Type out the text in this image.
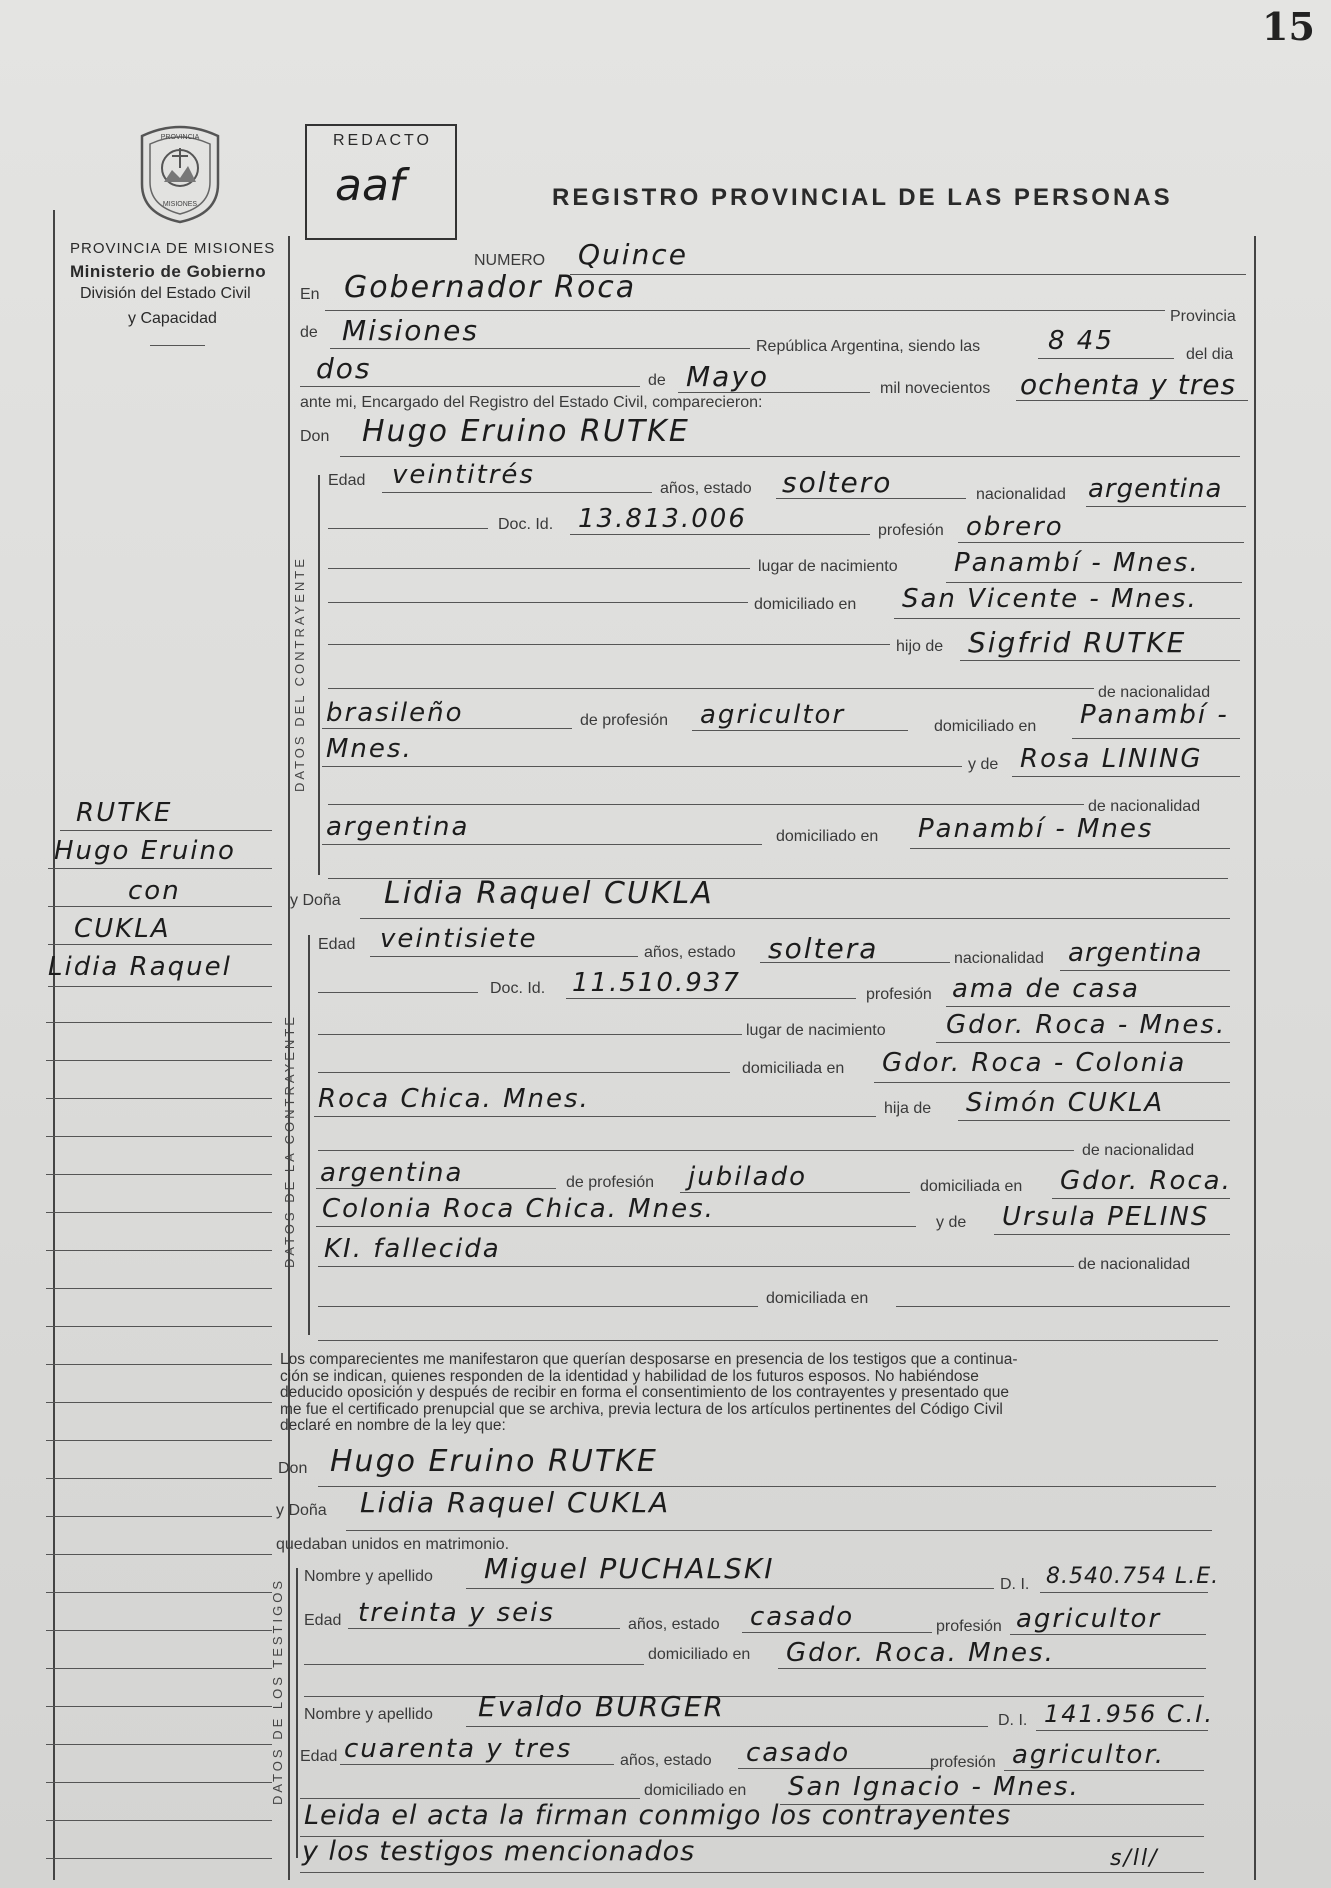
15
PROVINCIA
MISIONES
PROVINCIA DE MISIONES
Ministerio de Gobierno
División del Estado Civil
y Capacidad
REDACTO
aaf	REGISTRO PROVINCIAL DE LAS PERSONAS
DATOS DEL CONTRAYENTE
DATOS DE LA CONTRAYENTE
DATOS DE LOS TESTIGOS
RUTKE
Hugo Eruino
con
CUKLA
Lidia Raquel
NUMERO Quince
En Gobernador Roca
Provincia
de Misiones	República Argentina, siendo las	8 45	del dia
dos	de Mayo	mil novecientos ochenta y tres
ante mi, Encargado del Registro del Estado Civil, comparecieron:
Don Hugo Eruino RUTKE
Edad veintitrés	años, estado soltero	nacionalidad argentina
Doc. Id. 13.813.006	profesión obrero
lugar de nacimiento Panambí - Mnes.
domiciliado en San Vicente - Mnes.
hijo de Sigfrid RUTKE
de nacionalidad
brasileño	de profesión agricultor	domiciliado en Panambí -
Mnes.
y de Rosa LINING
de nacionalidad
argentina	domiciliado en Panambí - Mnes
y Doña Lidia Raquel CUKLA
Edad veintisiete	años, estado soltera	nacionalidad argentina
Doc. Id. 11.510.937	profesión ama de casa
lugar de nacimiento Gdor. Roca - Mnes.
domiciliada en Gdor. Roca - Colonia
Roca Chica. Mnes.	hija de Simón CUKLA
de nacionalidad
argentina	de profesión jubilado	domiciliada en Gdor. Roca.
Colonia Roca Chica. Mnes.	y de Ursula PELINS
KI. fallecida
de nacionalidad
domiciliada en
Los comparecientes me manifestaron que querían desposarse en presencia de los testigos que a continua-
ción se indican, quienes responden de la identidad y habilidad de los futuros esposos. No habiéndose
deducido oposición y después de recibir en forma el consentimiento de los contrayentes y presentado que
me fue el certificado prenupcial que se archiva, previa lectura de los artículos pertinentes del Código Civil
declaré en nombre de la ley que:
Don Hugo Eruino RUTKE
y Doña Lidia Raquel CUKLA
quedaban unidos en matrimonio.
Nombre y apellido Miguel PUCHALSKI	D. I. 8.540.754 L.E.
Edad treinta y seis	años, estado casado	profesión agricultor
domiciliado en Gdor. Roca. Mnes.
Nombre y apellido Evaldo BURGER	D. I. 141.956 C.I.
Edad cuarenta y tres	años, estado casado	profesión agricultor.
domiciliado en San Ignacio - Mnes.
Leida el acta la firman conmigo los contrayentes
y los testigos mencionados	s/ll/
